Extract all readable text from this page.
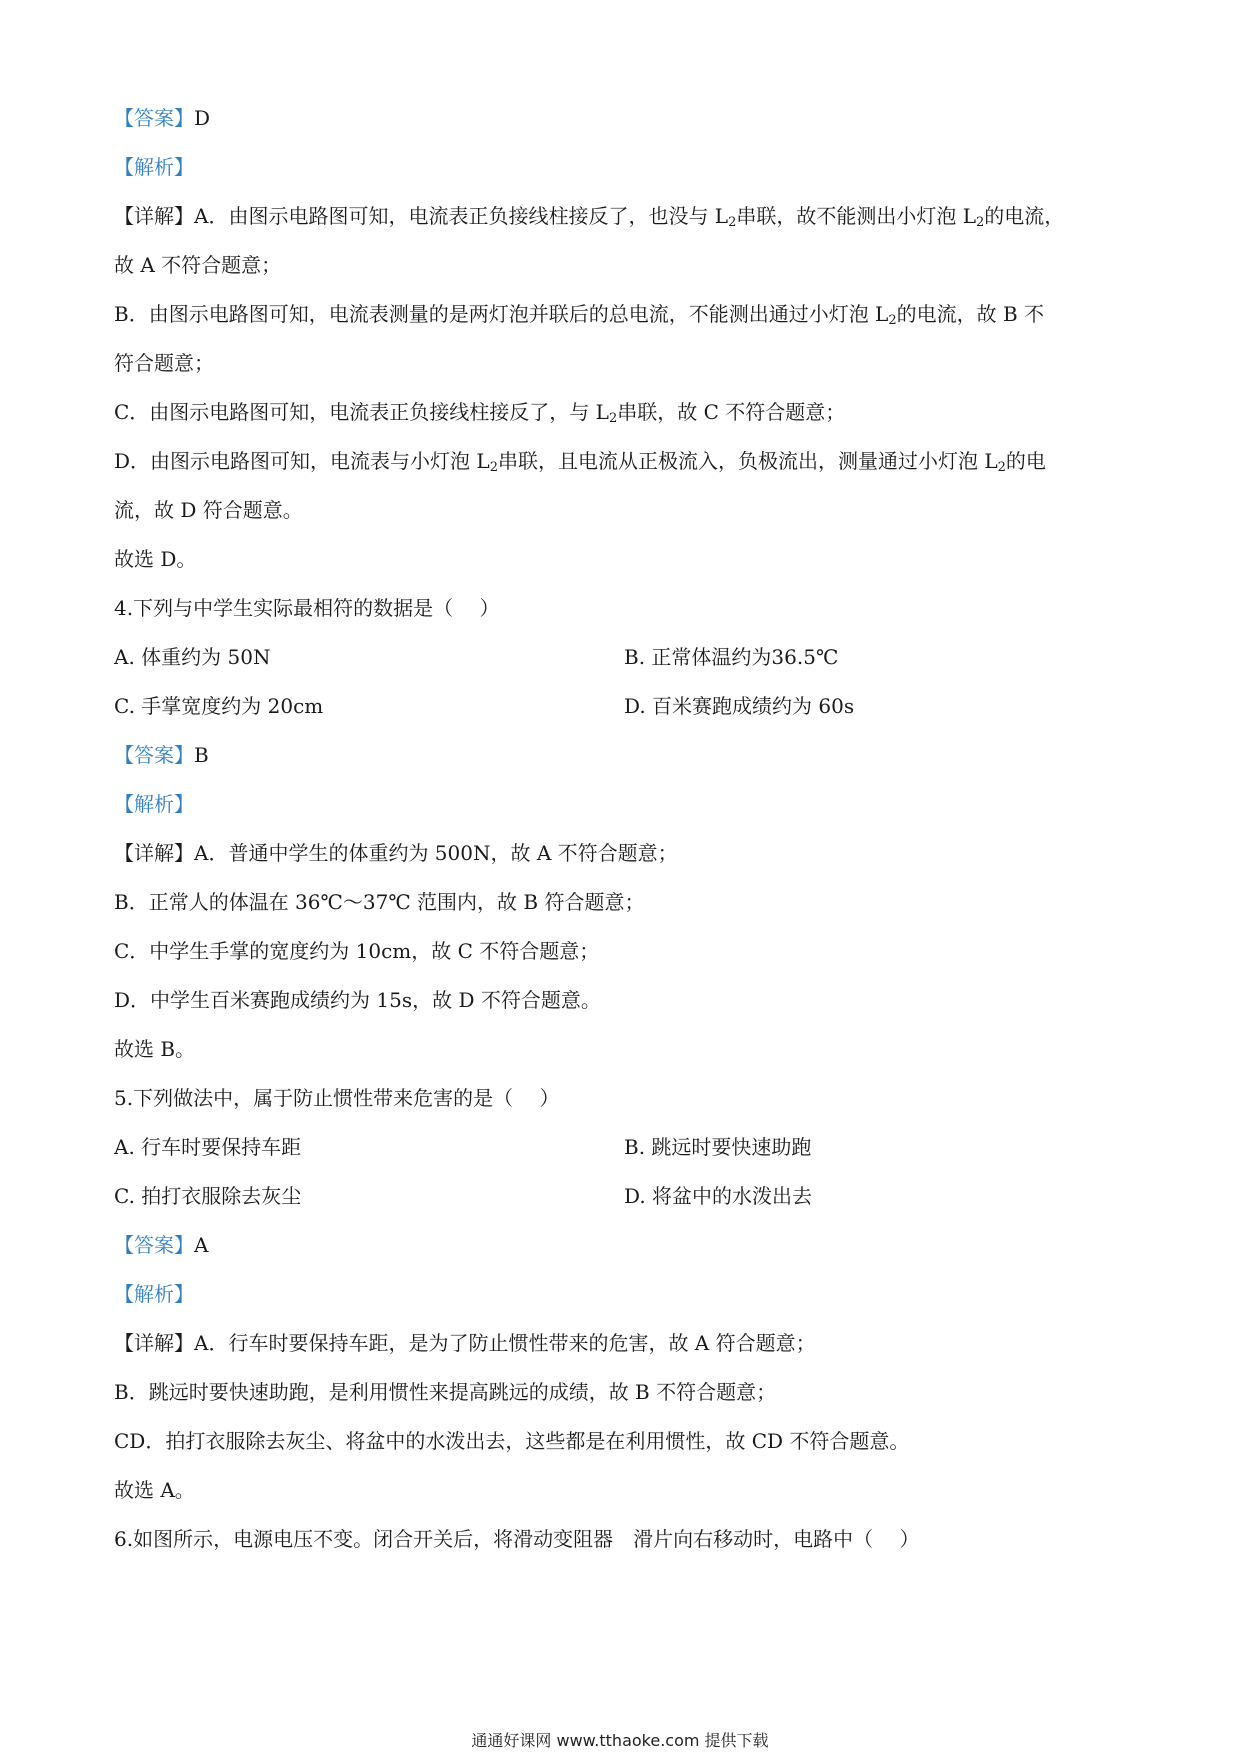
【答案】D
【解析】
【详解】A．由图示电路图可知，电流表正负接线柱接反了，也没与 $L_2$串联，故不能测出小灯泡 $L_2$的电流，
故 A 不符合题意；
B．由图示电路图可知，电流表测量的是两灯泡并联后的总电流，不能测出通过小灯泡 $L_2$的电流，故 B 不
符合题意；
C．由图示电路图可知，电流表正负接线柱接反了，与 $L_2$串联，故 C 不符合题意；
D．由图示电路图可知，电流表与小灯泡 $L_2$串联，且电流从正极流入，负极流出，测量通过小灯泡 $L_2$的电
流，故 D 符合题意。
故选 D。
4.下列与中学生实际最相符的数据是（　 ）
A. 体重约为 50N	B. 正常体温约为36.5℃
C. 手掌宽度约为 20cm	D. 百米赛跑成绩约为 60s
【答案】B
【解析】
【详解】A．普通中学生的体重约为 500N，故 A 不符合题意；
B．正常人的体温在 36℃～37℃ 范围内，故 B 符合题意；
C．中学生手掌的宽度约为 10cm，故 C 不符合题意；
D．中学生百米赛跑成绩约为 15s，故 D 不符合题意。
故选 B。
5.下列做法中，属于防止惯性带来危害的是（　 ）
A. 行车时要保持车距	B. 跳远时要快速助跑
C. 拍打衣服除去灰尘	D. 将盆中的水泼出去
【答案】A
【解析】
【详解】A．行车时要保持车距，是为了防止惯性带来的危害，故 A 符合题意；
B．跳远时要快速助跑，是利用惯性来提高跳远的成绩，故 B 不符合题意；
CD．拍打衣服除去灰尘、将盆中的水泼出去，这些都是在利用惯性，故 CD 不符合题意。
故选 A。
6.如图所示，电源电压不变。闭合开关后，将滑动变阻器　滑片向右移动时，电路中（　 ）
通通好课网 www.tthaoke.com 提供下载
